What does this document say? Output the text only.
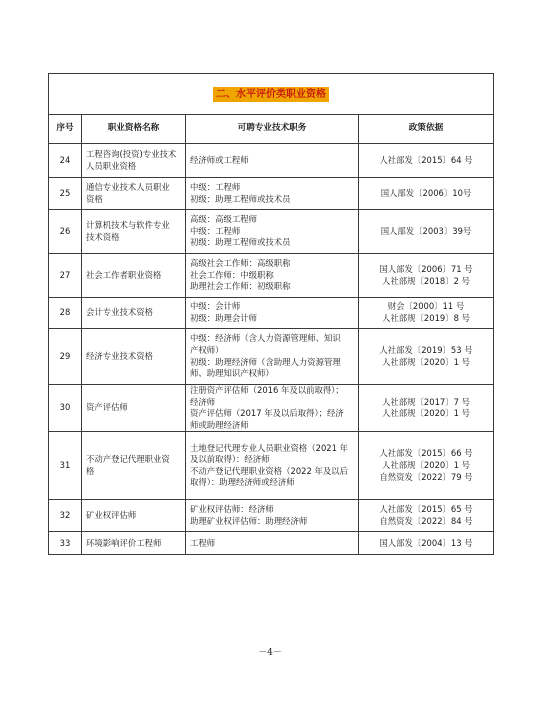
二、水平评价类职业资格			
序号	职业资格名称	可聘专业技术职务	政策依据
24	工程咨询(投资)专业技术
人员职业资格	经济师或工程师	人社部发〔2015〕64 号

25	通信专业技术人员职业
资格	中级：工程师
初级：助理工程师或技术员	国人部发〔2006〕10号

26	计算机技术与软件专业
技术资格	高级：高级工程师
中级：工程师
初级：助理工程师或技术员	国人部发〔2003〕39号

27	社会工作者职业资格	高级社会工作师：高级职称
社会工作师：中级职称
助理社会工作师：初级职称	国人部发〔2006〕71 号
人社部规〔2018〕2 号

28	会计专业技术资格	中级：会计师
初级：助理会计师	财会〔2000〕11 号
人社部规〔2019〕8 号

29	经济专业技术资格	中级：经济师（含人力资源管理师、知识
产权师）
初级：助理经济师（含助理人力资源管理
师、助理知识产权师）	人社部发〔2019〕53 号
人社部规〔2020〕1 号

30	资产评估师	注册资产评估师（2016 年及以前取得）；
经济师
资产评估师（2017 年及以后取得）；经济
师或助理经济师	人社部规〔2017〕7 号
人社部规〔2020〕1 号

31	不动产登记代理职业资
格	土地登记代理专业人员职业资格（2021 年
及以前取得）：经济师
不动产登记代理职业资格（2022 年及以后
取得）：助理经济师或经济师	人社部发〔2015〕66 号
人社部规〔2020〕1 号
自然资发〔2022〕79 号

32	矿业权评估师	矿业权评估师：经济师
助理矿业权评估师：助理经济师	人社部发〔2015〕65 号
自然资发〔2022〕84 号

33	环境影响评价工程师	工程师	国人部发〔2004〕13 号
－4－
